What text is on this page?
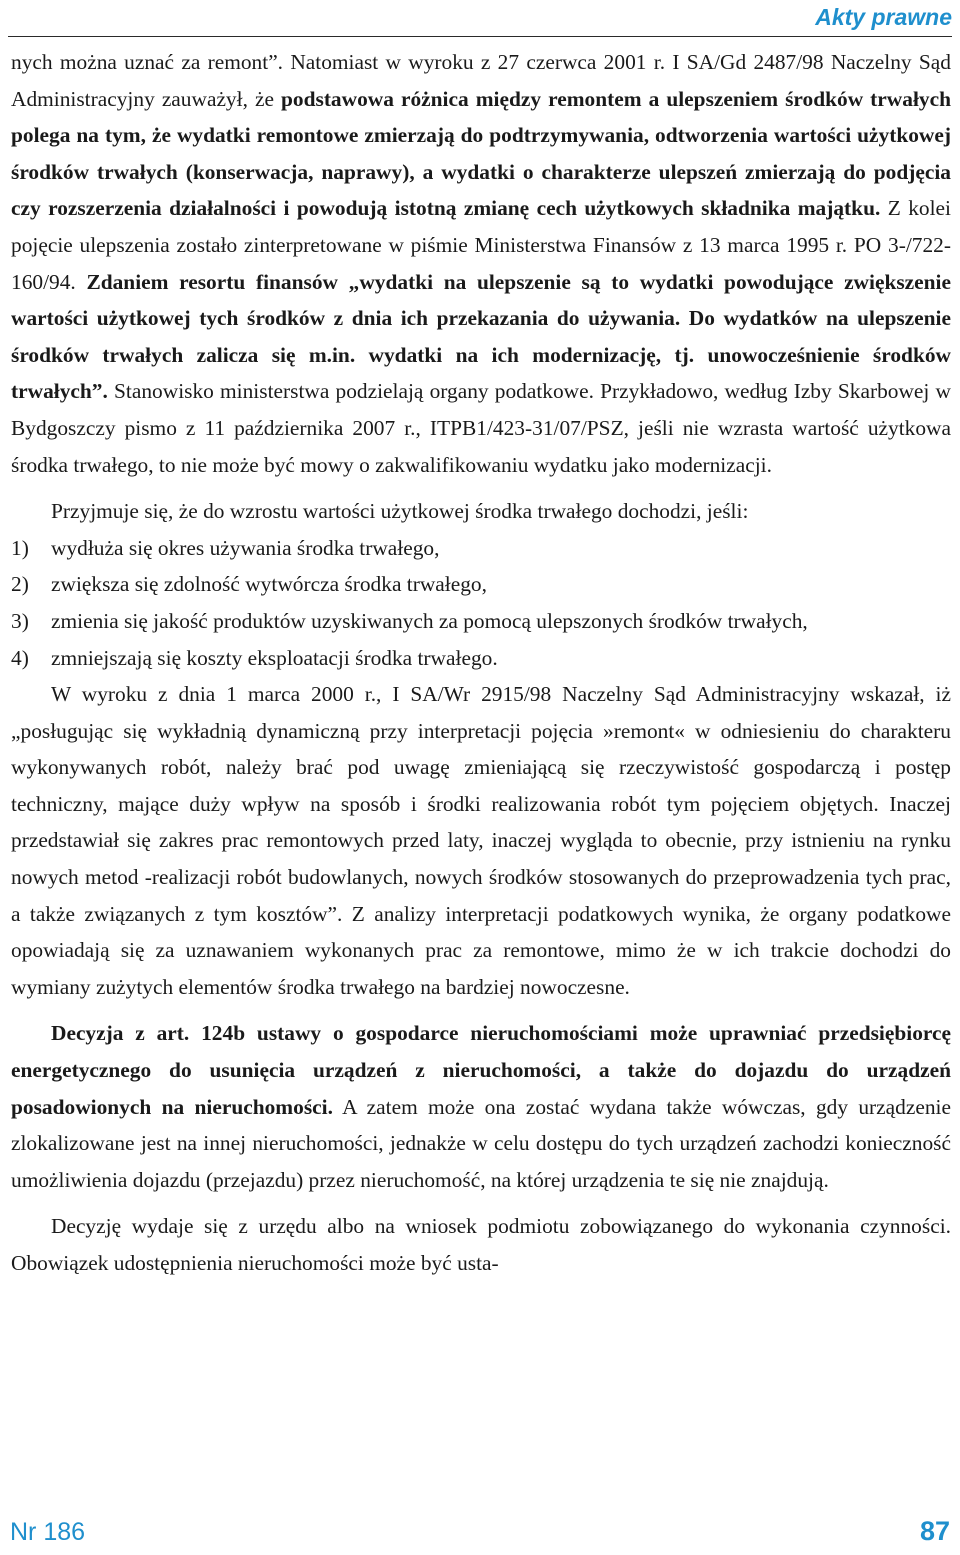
Akty prawne

nych można uznać za remont”. Natomiast w wyroku z 27 czerwca 2001 r. I SA/Gd 2487/98 Naczelny Sąd Administracyjny zauważył, że podstawowa różnica między remontem a ulepszeniem środków trwałych polega na tym, że wydatki remontowe zmierzają do podtrzymywania, odtworzenia wartości użytkowej środków trwałych (konserwacja, naprawy), a wydatki o charakterze ulepszeń zmierzają do podjęcia czy rozszerzenia działalności i powodują istotną zmianę cech użytkowych składnika majątku. Z kolei pojęcie ulepszenia zostało zinterpretowane w piśmie Ministerstwa Finansów z 13 marca 1995 r. PO 3-/722-160/94. Zdaniem resortu finansów „wydatki na ulepszenie są to wydatki powodujące zwiększenie wartości użytkowej tych środków z dnia ich przekazania do używania. Do wydatków na ulepszenie środków trwałych zalicza się m.in. wydatki na ich modernizację, tj. unowocześnienie środków trwałych”. Stanowisko ministerstwa podzielają organy podatkowe. Przykładowo, według Izby Skarbowej w Bydgoszczy pismo z 11 października 2007 r., ITPB1/423-31/07/PSZ, jeśli nie wzrasta wartość użytkowa środka trwałego, to nie może być mowy o zakwalifikowaniu wydatku jako modernizacji.

Przyjmuje się, że do wzrostu wartości użytkowej środka trwałego dochodzi, jeśli:

1) wydłuża się okres używania środka trwałego,
2) zwiększa się zdolność wytwórcza środka trwałego,
3) zmienia się jakość produktów uzyskiwanych za pomocą ulepszonych środków trwałych,
4) zmniejszają się koszty eksploatacji środka trwałego.

W wyroku z dnia 1 marca 2000 r., I SA/Wr 2915/98 Naczelny Sąd Administracyjny wskazał, iż „posługując się wykładnią dynamiczną przy interpretacji pojęcia »remont« w odniesieniu do charakteru wykonywanych robót, należy brać pod uwagę zmieniającą się rzeczywistość gospodarczą i postęp techniczny, mające duży wpływ na sposób i środki realizowania robót tym pojęciem objętych. Inaczej przedstawiał się zakres prac remontowych przed laty, inaczej wygląda to obecnie, przy istnieniu na rynku nowych metod -realizacji robót budowlanych, nowych środków stosowanych do przeprowadzenia tych prac, a także związanych z tym kosztów”. Z analizy interpretacji podatkowych wynika, że organy podatkowe opowiadają się za uznawaniem wykonanych prac za remontowe, mimo że w ich trakcie dochodzi do wymiany zużytych elementów środka trwałego na bardziej nowoczesne.

Decyzja z art. 124b ustawy o gospodarce nieruchomościami może uprawniać przedsiębiorcę energetycznego do usunięcia urządzeń z nieruchomości, a także do dojazdu do urządzeń posadowionych na nieruchomości. A zatem może ona zostać wydana także wówczas, gdy urządzenie zlokalizowane jest na innej nieruchomości, jednakże w celu dostępu do tych urządzeń zachodzi konieczność umożliwienia dojazdu (przejazdu) przez nieruchomość, na której urządzenia te się nie znajdują.

Decyzję wydaje się z urzędu albo na wniosek podmiotu zobowiązanego do wykonania czynności. Obowiązek udostępnienia nieruchomości może być usta-

Nr 186	87
